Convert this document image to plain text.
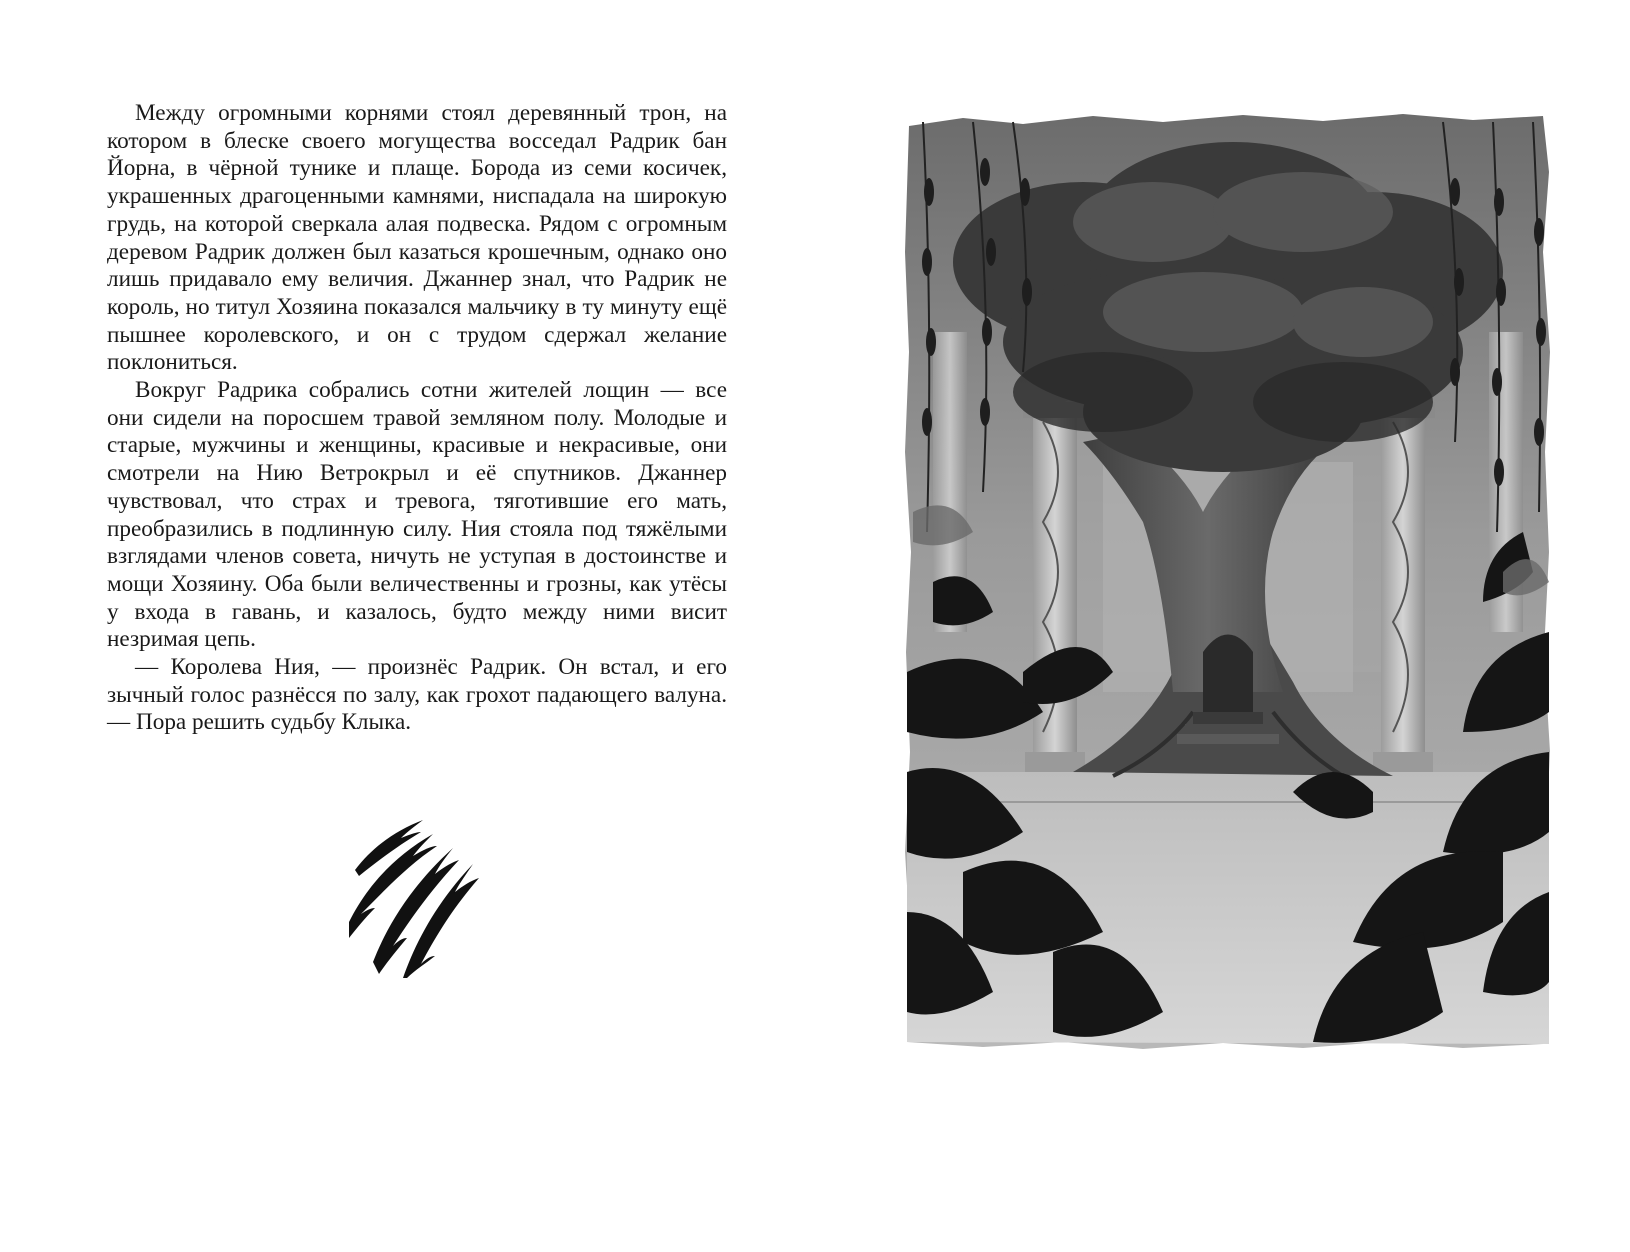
Между огромными корнями стоял деревянный трон, на котором в блеске своего могущества восседал Радрик бан Йорна, в чёрной тунике и плаще. Борода из семи косичек, украшенных драгоценными камнями, ниспадала на широкую грудь, на которой сверкала алая подвеска. Рядом с огромным деревом Радрик должен был казаться крошечным, однако оно лишь придавало ему величия. Джаннер знал, что Радрик не король, но титул Хозяина показался мальчику в ту минуту ещё пышнее королевского, и он с трудом сдержал желание поклониться.

Вокруг Радрика собрались сотни жителей лощин — все они сидели на поросшем травой земляном полу. Молодые и старые, мужчины и женщины, красивые и некрасивые, они смотрели на Нию Ветрокрыл и её спутников. Джаннер чувствовал, что страх и тревога, тяготившие его мать, преобразились в подлинную силу. Ния стояла под тяжёлыми взглядами членов совета, ничуть не уступая в достоинстве и мощи Хозяину. Оба были величественны и грозны, как утёсы у входа в гавань, и казалось, будто между ними висит незримая цепь.

— Королева Ния, — произнёс Радрик. Он встал, и его зычный голос разнёсся по залу, как грохот падающего валуна. — Пора решить судьбу Клыка.
